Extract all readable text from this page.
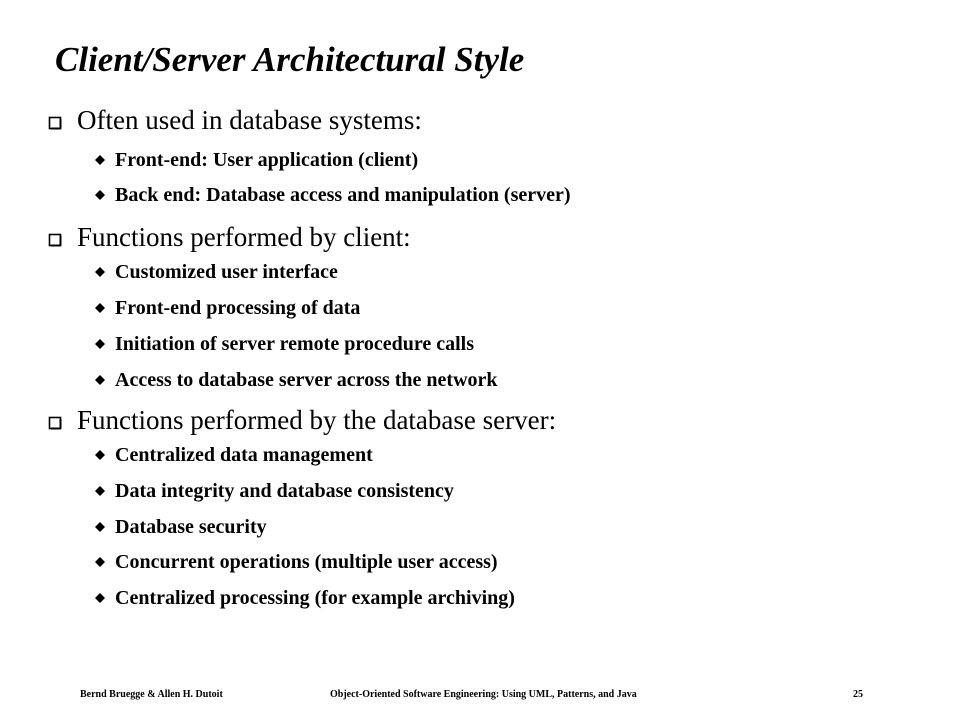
Client/Server Architectural Style
Often used in database systems:
Front-end: User application (client)
Back end: Database access and manipulation (server)
Functions performed by client:
Customized user interface
Front-end processing of data
Initiation of server remote procedure calls
Access to database server across the network
Functions performed by the database server:
Centralized data management
Data integrity and database consistency
Database security
Concurrent operations (multiple user access)
Centralized processing (for example archiving)
Bernd Bruegge & Allen H. Dutoit	Object-Oriented Software Engineering: Using UML, Patterns, and Java	25
